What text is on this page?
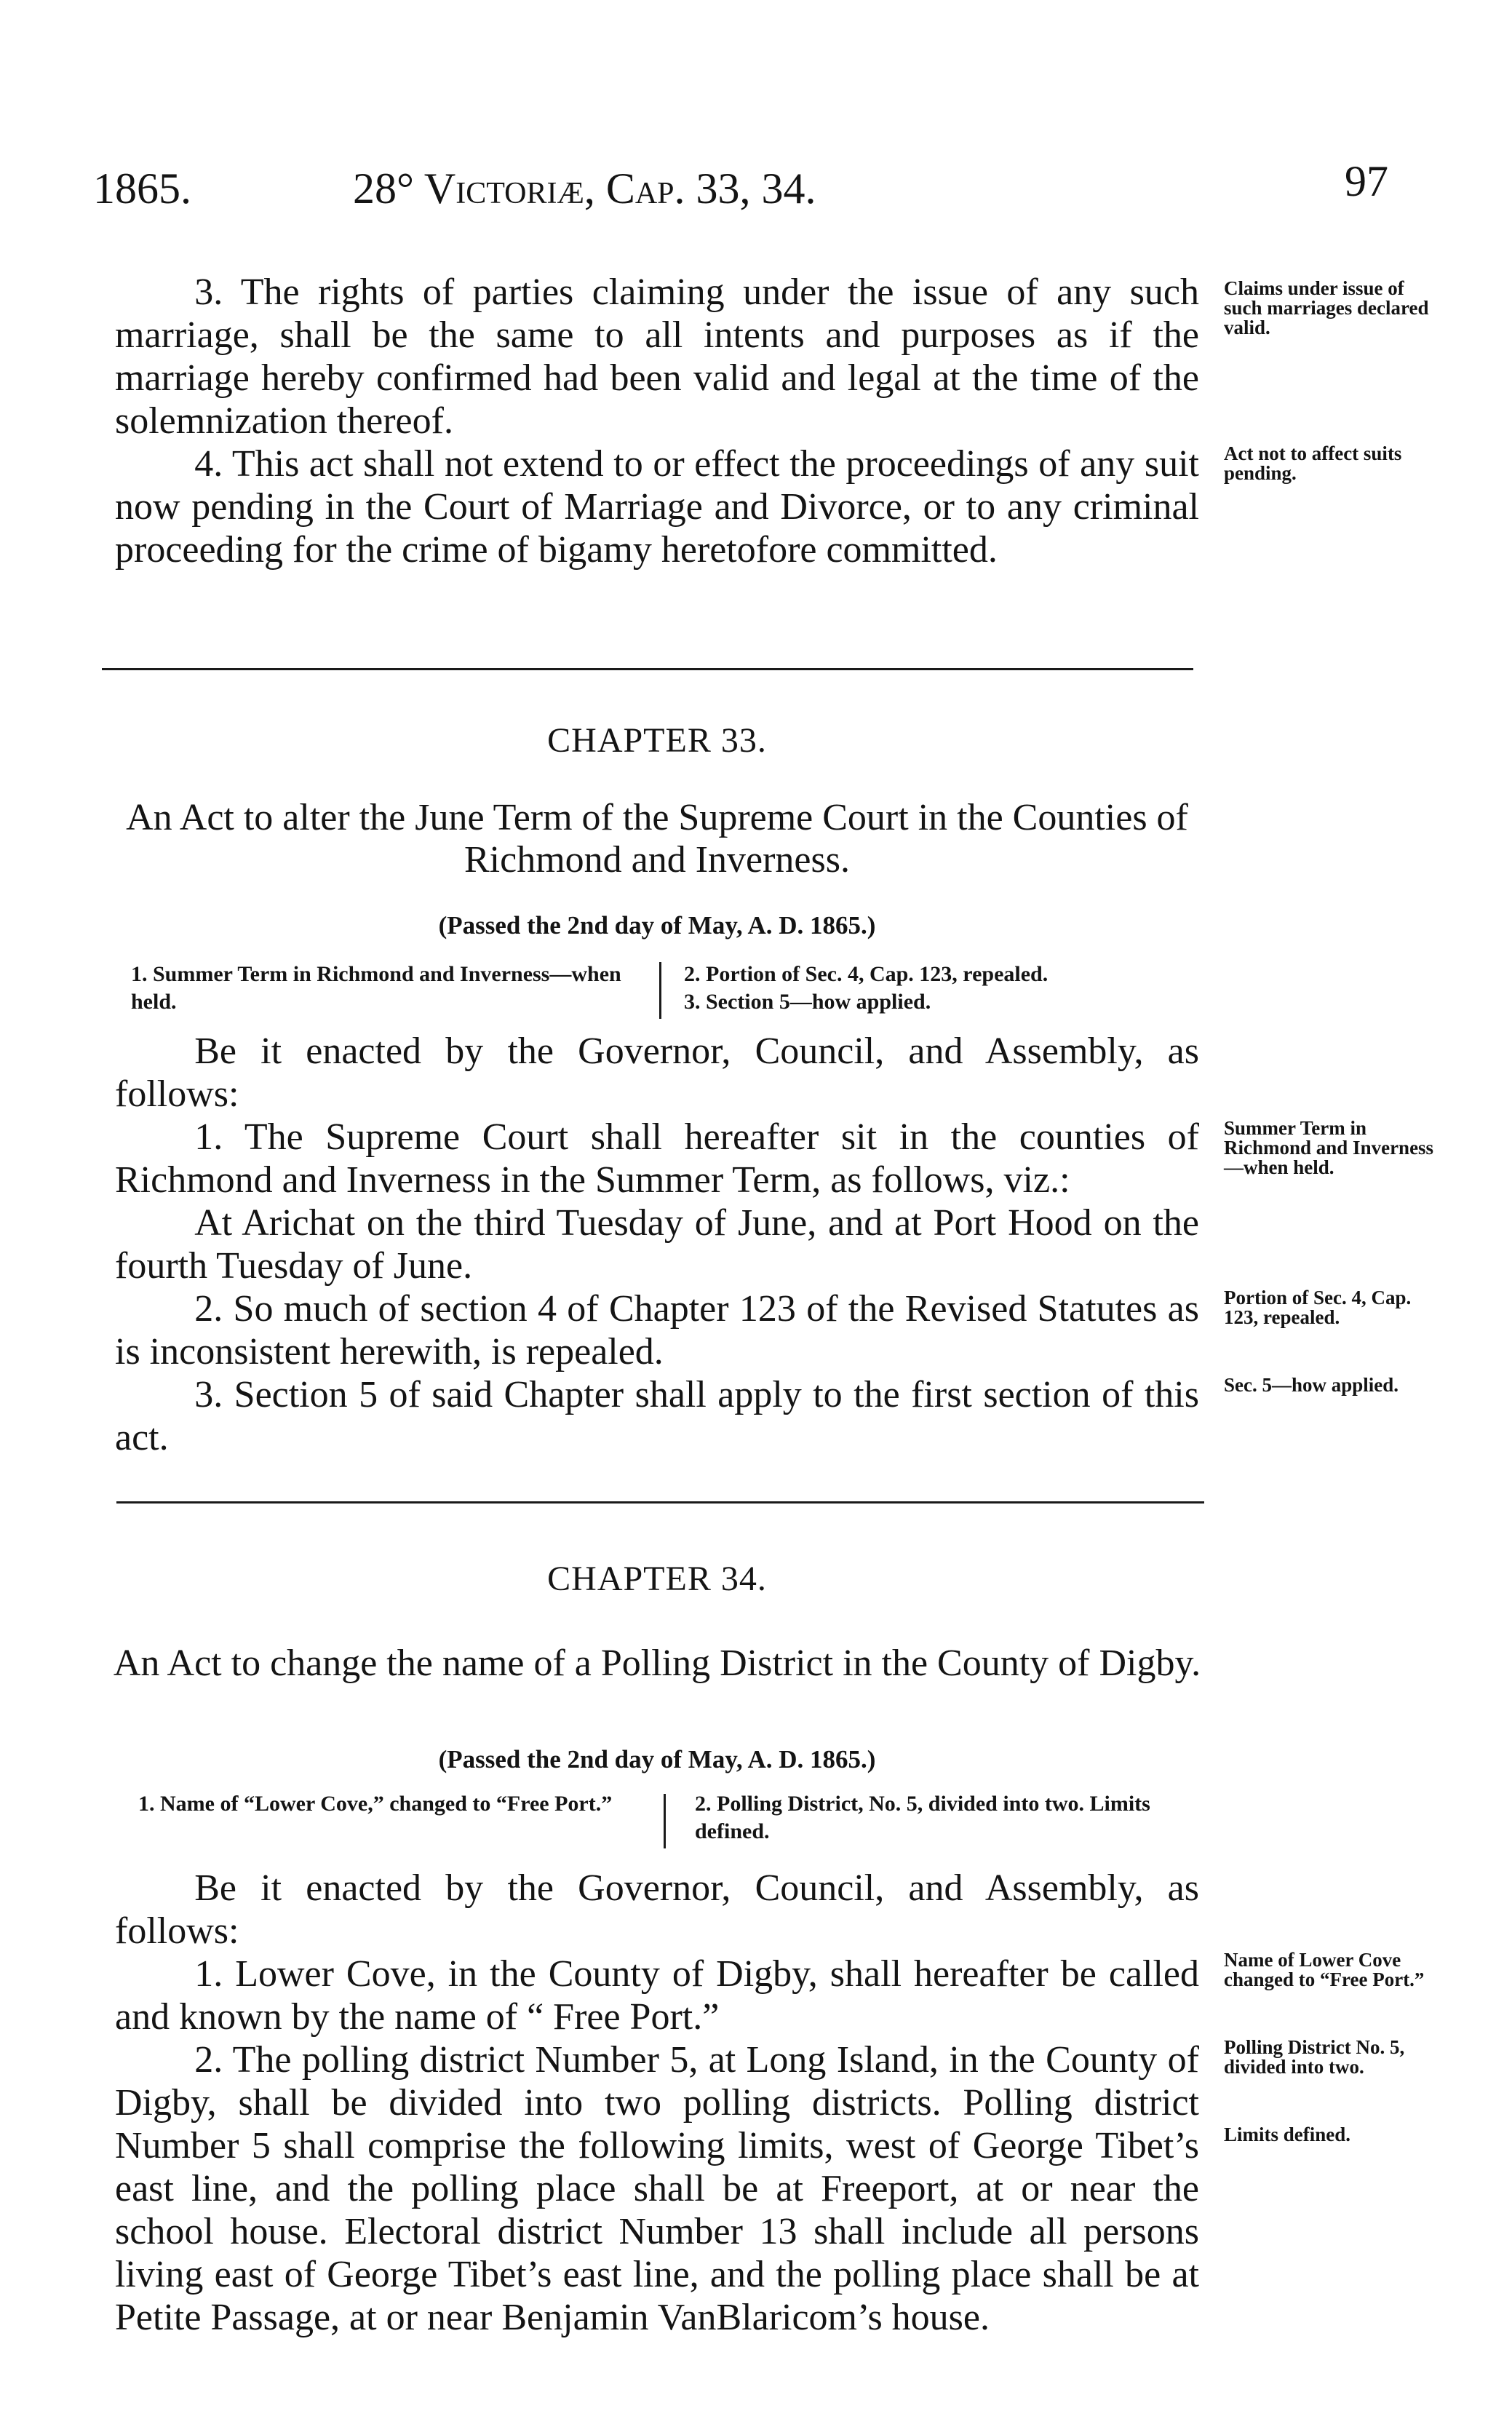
1865.	28° Victoriæ, Cap. 33, 34.	97

3. The rights of parties claiming under the issue of any such marriage, shall be the same to all intents and purposes as if the marriage hereby confirmed had been valid and legal at the time of the solemnization thereof.

4. This act shall not extend to or effect the proceedings of any suit now pending in the Court of Marriage and Divorce, or to any criminal proceeding for the crime of bigamy heretofore committed.

Claims under issue of such marriages declared valid.
Act not to affect suits pending.
CHAPTER 33.
An Act to alter the June Term of the Supreme Court in the Counties of Richmond and Inverness.
(Passed the 2nd day of May, A. D. 1865.)
1. Summer Term in Richmond and Inverness—when held.
2. Portion of Sec. 4, Cap. 123, repealed.
3. Section 5—how applied.

Be it enacted by the Governor, Council, and Assembly, as follows:

1. The Supreme Court shall hereafter sit in the counties of Richmond and Inverness in the Summer Term, as follows, viz.:

At Arichat on the third Tuesday of June, and at Port Hood on the fourth Tuesday of June.

2. So much of section 4 of Chapter 123 of the Revised Statutes as is inconsistent herewith, is repealed.

3. Section 5 of said Chapter shall apply to the first section of this act.

Summer Term in Richmond and Inverness—when held.
Portion of Sec. 4, Cap. 123, repealed.
Sec. 5—how applied.
CHAPTER 34.
An Act to change the name of a Polling District in the County of Digby.
(Passed the 2nd day of May, A. D. 1865.)
1. Name of “Lower Cove,” changed to “Free Port.”	2. Polling District, No. 5, divided into two. Limits defined.

Be it enacted by the Governor, Council, and Assembly, as follows:

1. Lower Cove, in the County of Digby, shall hereafter be called and known by the name of “ Free Port.”

2. The polling district Number 5, at Long Island, in the County of Digby, shall be divided into two polling districts. Polling district Number 5 shall comprise the following limits, west of George Tibet’s east line, and the polling place shall be at Freeport, at or near the school house. Electoral district Number 13 shall include all persons living east of George Tibet’s east line, and the polling place shall be at Petite Passage, at or near Benjamin VanBlaricom’s house.

Name of Lower Cove changed to “Free Port.”
Polling District No. 5, divided into two.
Limits defined.
